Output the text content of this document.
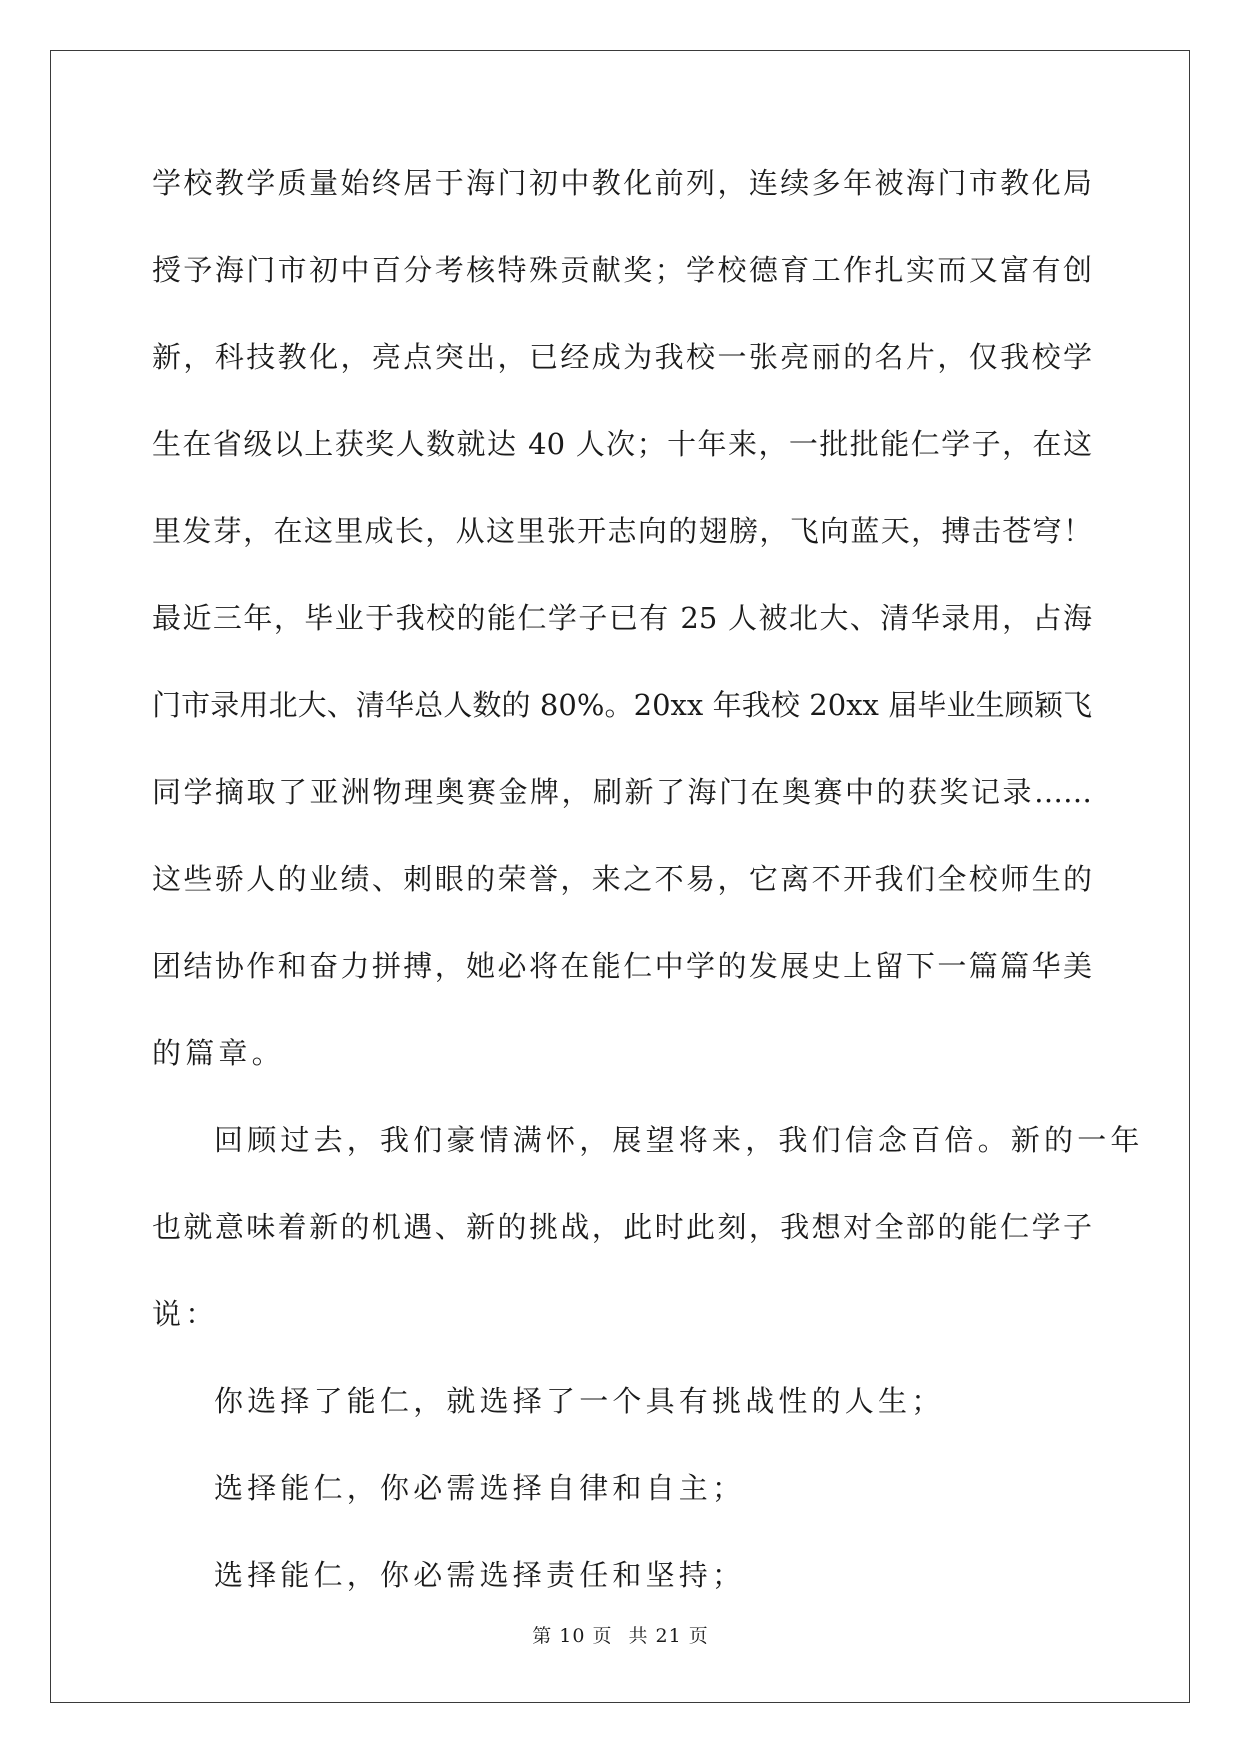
学校教学质量始终居于海门初中教化前列，连续多年被海门市教化局
授予海门市初中百分考核特殊贡献奖；学校德育工作扎实而又富有创
新，科技教化，亮点突出，已经成为我校一张亮丽的名片，仅我校学
生在省级以上获奖人数就达 40 人次；十年来，一批批能仁学子，在这
里发芽，在这里成长，从这里张开志向的翅膀，飞向蓝天，搏击苍穹！
最近三年，毕业于我校的能仁学子已有 25 人被北大、清华录用，占海
门市录用北大、清华总人数的 80%。20xx 年我校 20xx 届毕业生顾颖飞
同学摘取了亚洲物理奥赛金牌，刷新了海门在奥赛中的获奖记录……
这些骄人的业绩、刺眼的荣誉，来之不易，它离不开我们全校师生的
团结协作和奋力拼搏，她必将在能仁中学的发展史上留下一篇篇华美
的篇章。
回顾过去，我们豪情满怀，展望将来，我们信念百倍。新的一年
也就意味着新的机遇、新的挑战，此时此刻，我想对全部的能仁学子
说：
你选择了能仁，就选择了一个具有挑战性的人生；
选择能仁，你必需选择自律和自主；
选择能仁，你必需选择责任和坚持；
第 10 页 共 21 页
